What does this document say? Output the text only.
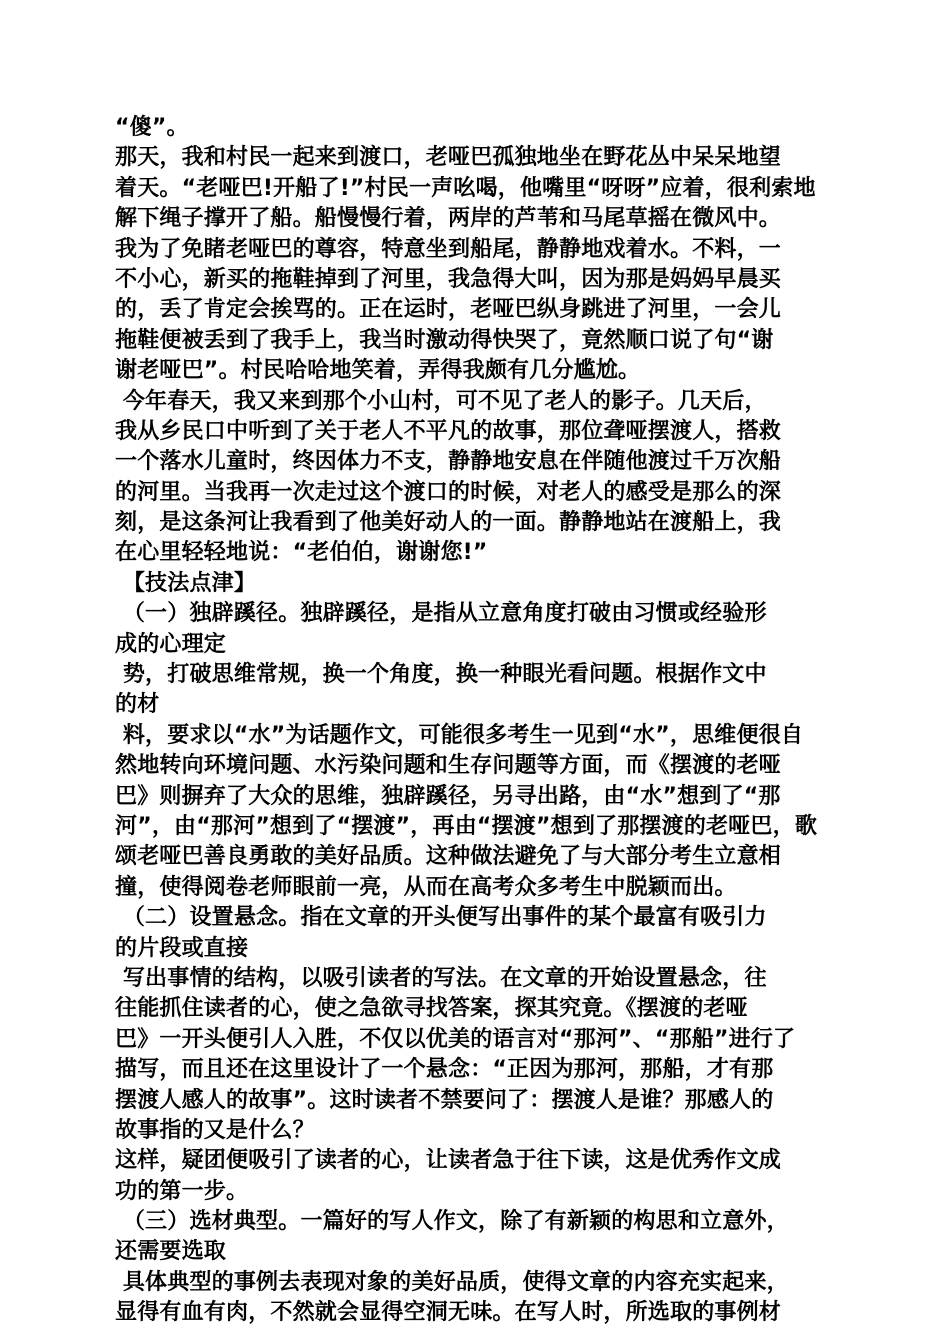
“傻”。
那天，我和村民一起来到渡口，老哑巴孤独地坐在野花丛中呆呆地望
着天。“老哑巴!开船了!”村民一声吆喝，他嘴里“呀呀”应着，很利索地
解下绳子撑开了船。船慢慢行着，两岸的芦苇和马尾草摇在微风中。
我为了免睹老哑巴的尊容，特意坐到船尾，静静地戏着水。不料，一
不小心，新买的拖鞋掉到了河里，我急得大叫，因为那是妈妈早晨买
的，丢了肯定会挨骂的。正在运时，老哑巴纵身跳进了河里，一会儿
拖鞋便被丢到了我手上，我当时激动得快哭了，竟然顺口说了句“谢
谢老哑巴”。村民哈哈地笑着，弄得我颇有几分尴尬。
今年春天，我又来到那个小山村，可不见了老人的影子。几天后，
我从乡民口中听到了关于老人不平凡的故事，那位聋哑摆渡人，搭救
一个落水儿童时，终因体力不支，静静地安息在伴随他渡过千万次船
的河里。当我再一次走过这个渡口的时候，对老人的感受是那么的深
刻，是这条河让我看到了他美好动人的一面。静静地站在渡船上，我
在心里轻轻地说：“老伯伯，谢谢您!”
【技法点津】
（一）独辟蹊径。独辟蹊径，是指从立意角度打破由习惯或经验形
成的心理定
势，打破思维常规，换一个角度，换一种眼光看问题。根据作文中
的材
料，要求以“水”为话题作文，可能很多考生一见到“水”，思维便很自
然地转向环境问题、水污染问题和生存问题等方面，而《摆渡的老哑
巴》则摒弃了大众的思维，独辟蹊径，另寻出路，由“水”想到了“那
河”，由“那河”想到了“摆渡”，再由“摆渡”想到了那摆渡的老哑巴，歌
颂老哑巴善良勇敢的美好品质。这种做法避免了与大部分考生立意相
撞，使得阅卷老师眼前一亮，从而在高考众多考生中脱颖而出。
（二）设置悬念。指在文章的开头便写出事件的某个最富有吸引力
的片段或直接
写出事情的结构，以吸引读者的写法。在文章的开始设置悬念，往
往能抓住读者的心，使之急欲寻找答案，探其究竟。《摆渡的老哑
巴》一开头便引人入胜，不仅以优美的语言对“那河”、“那船”进行了
描写，而且还在这里设计了一个悬念：“正因为那河，那船，才有那
摆渡人感人的故事”。这时读者不禁要问了：摆渡人是谁？那感人的
故事指的又是什么？
这样，疑团便吸引了读者的心，让读者急于往下读，这是优秀作文成
功的第一步。
（三）选材典型。一篇好的写人作文，除了有新颖的构思和立意外，
还需要选取
具体典型的事例去表现对象的美好品质，使得文章的内容充实起来，
显得有血有肉，不然就会显得空洞无味。在写人时，所选取的事例材
